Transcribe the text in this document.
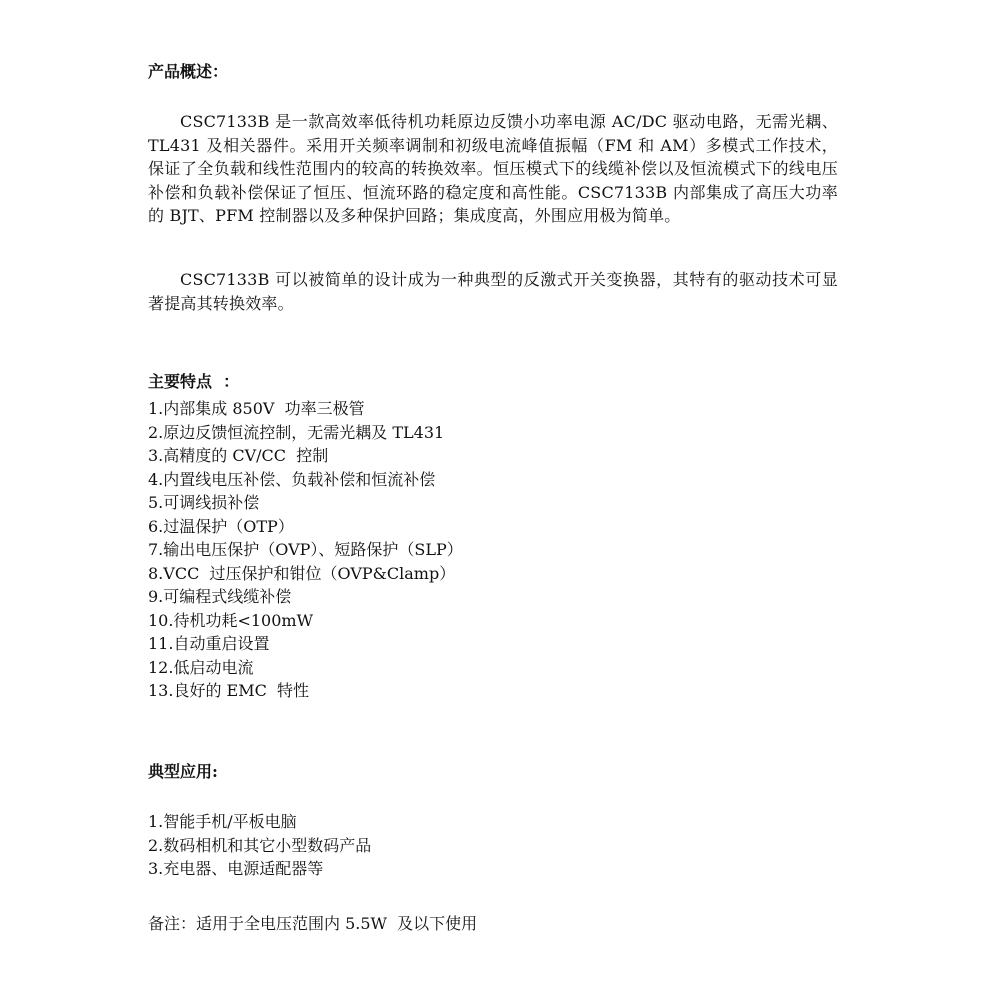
产品概述：
CSC7133B 是一款高效率低待机功耗原边反馈小功率电源 AC/DC 驱动电路，无需光耦、TL431 及相关器件。采用开关频率调制和初级电流峰值振幅（FM 和 AM）多模式工作技术，保证了全负载和线性范围内的较高的转换效率。恒压模式下的线缆补偿以及恒流模式下的线电压补偿和负载补偿保证了恒压、恒流环路的稳定度和高性能。CSC7133B 内部集成了高压大功率的 BJT、PFM 控制器以及多种保护回路；集成度高，外围应用极为简单。
CSC7133B 可以被简单的设计成为一种典型的反激式开关变换器，其特有的驱动技术可显著提高其转换效率。
主要特点  ：
1.内部集成 850V  功率三极管
2.原边反馈恒流控制，无需光耦及 TL431
3.高精度的 CV/CC  控制
4.内置线电压补偿、负载补偿和恒流补偿
5.可调线损补偿
6.过温保护（OTP）
7.输出电压保护（OVP）、短路保护（SLP）
8.VCC  过压保护和钳位（OVP&Clamp）
9.可编程式线缆补偿
10.待机功耗<100mW
11.自动重启设置
12.低启动电流
13.良好的 EMC  特性
典型应用:
1.智能手机/平板电脑
2.数码相机和其它小型数码产品
3.充电器、电源适配器等
备注：适用于全电压范围内 5.5W  及以下使用
